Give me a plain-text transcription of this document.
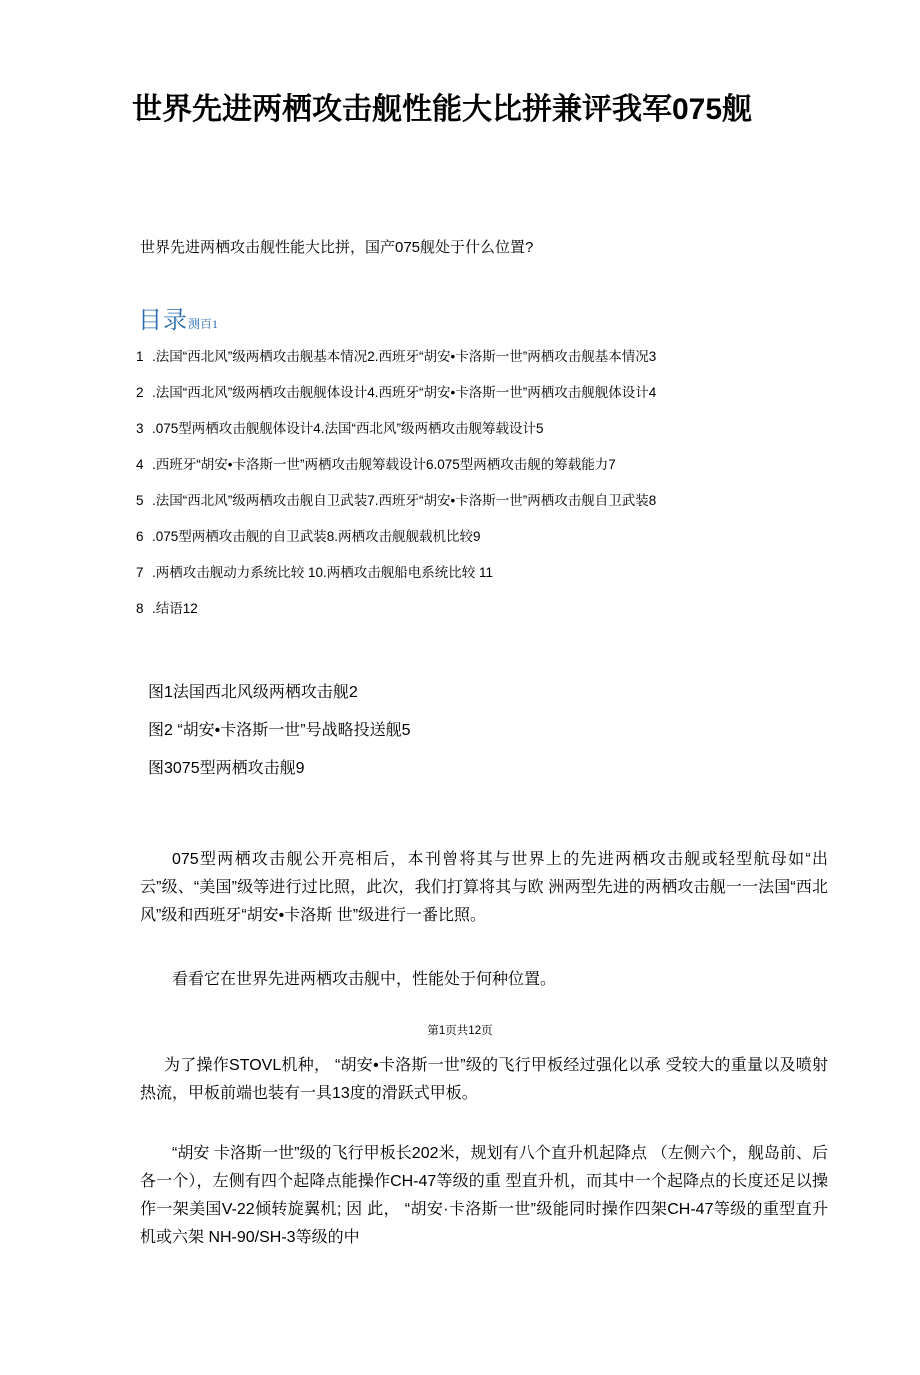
世界先进两栖攻击舰性能大比拼兼评我军075舰
世界先进两栖攻击舰性能大比拼，国产075舰处于什么位置?
目录测百1
1 .法国“西北风”级两栖攻击舰基本情况2.西班牙“胡安•卡洛斯一世”两栖攻击舰基本情况3
2 .法国“西北风”级两栖攻击舰舰体设计4.西班牙“胡安•卡洛斯一世”两栖攻击舰舰体设计4
3 .075型两栖攻击舰舰体设计4.法国“西北风”级两栖攻击舰筹载设计5
4 .西班牙“胡安•卡洛斯一世”两栖攻击舰筹载设计6.075型两栖攻击舰的筹载能力7
5 .法国“西北风”级两栖攻击舰自卫武装7.西班牙“胡安•卡洛斯一世”两栖攻击舰自卫武装8
6 .075型两栖攻击舰的自卫武装8.两栖攻击舰舰载机比较9
7 .两栖攻击舰动力系统比较 10.两栖攻击舰船电系统比较 11
8 .结语12
图1法国西北风级两栖攻击舰2
图2 “胡安•卡洛斯一世”号战略投送舰5
图3075型两栖攻击舰9
075型两栖攻击舰公开亮相后，本刊曾将其与世界上的先进两栖攻击舰或轻型航母如“出云”级、“美国”级等进行过比照，此次，我们打算将其与欧 洲两型先进的两栖攻击舰一一法国“西北风”级和西班牙“胡安•卡洛斯 世”级进行一番比照。
看看它在世界先进两栖攻击舰中，性能处于何种位置。
第1页共12页
为了操作STOVL机种， “胡安•卡洛斯一世”级的飞行甲板经过强化以承 受较大的重量以及喷射热流，甲板前端也装有一具13度的滑跃式甲板。
“胡安 卡洛斯一世”级的飞行甲板长202米，规划有八个直升机起降点 （左侧六个，舰岛前、后各一个），左侧有四个起降点能操作CH-47等级的重 型直升机，而其中一个起降点的长度还足以操作一架美国V-22倾转旋翼机; 因 此， “胡安·卡洛斯一世”级能同时操作四架CH-47等级的重型直升机或六架 NH-90/SH-3等级的中
